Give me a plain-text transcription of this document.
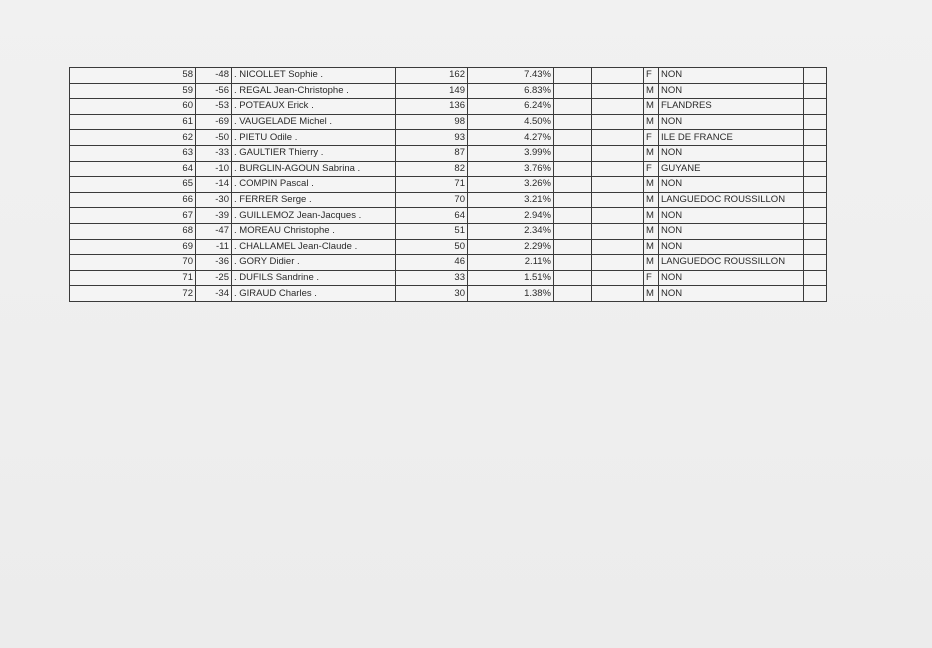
58	-48	. NICOLLET Sophie .	162	7.43%			F	NON	
59	-56	. REGAL Jean-Christophe .	149	6.83%			M	NON	
60	-53	. POTEAUX Erick .	136	6.24%			M	FLANDRES	
61	-69	. VAUGELADE Michel .	98	4.50%			M	NON	
62	-50	. PIETU Odile .	93	4.27%			F	ILE DE FRANCE	
63	-33	. GAULTIER Thierry .	87	3.99%			M	NON	
64	-10	. BURGLIN-AGOUN Sabrina .	82	3.76%			F	GUYANE	
65	-14	. COMPIN Pascal .	71	3.26%			M	NON	
66	-30	. FERRER Serge .	70	3.21%			M	LANGUEDOC ROUSSILLON	
67	-39	. GUILLEMOZ Jean-Jacques .	64	2.94%			M	NON	
68	-47	. MOREAU Christophe .	51	2.34%			M	NON	
69	-11	. CHALLAMEL Jean-Claude .	50	2.29%			M	NON	
70	-36	. GORY Didier .	46	2.11%			M	LANGUEDOC ROUSSILLON	
71	-25	. DUFILS Sandrine .	33	1.51%			F	NON	
72	-34	. GIRAUD Charles .	30	1.38%			M	NON	
